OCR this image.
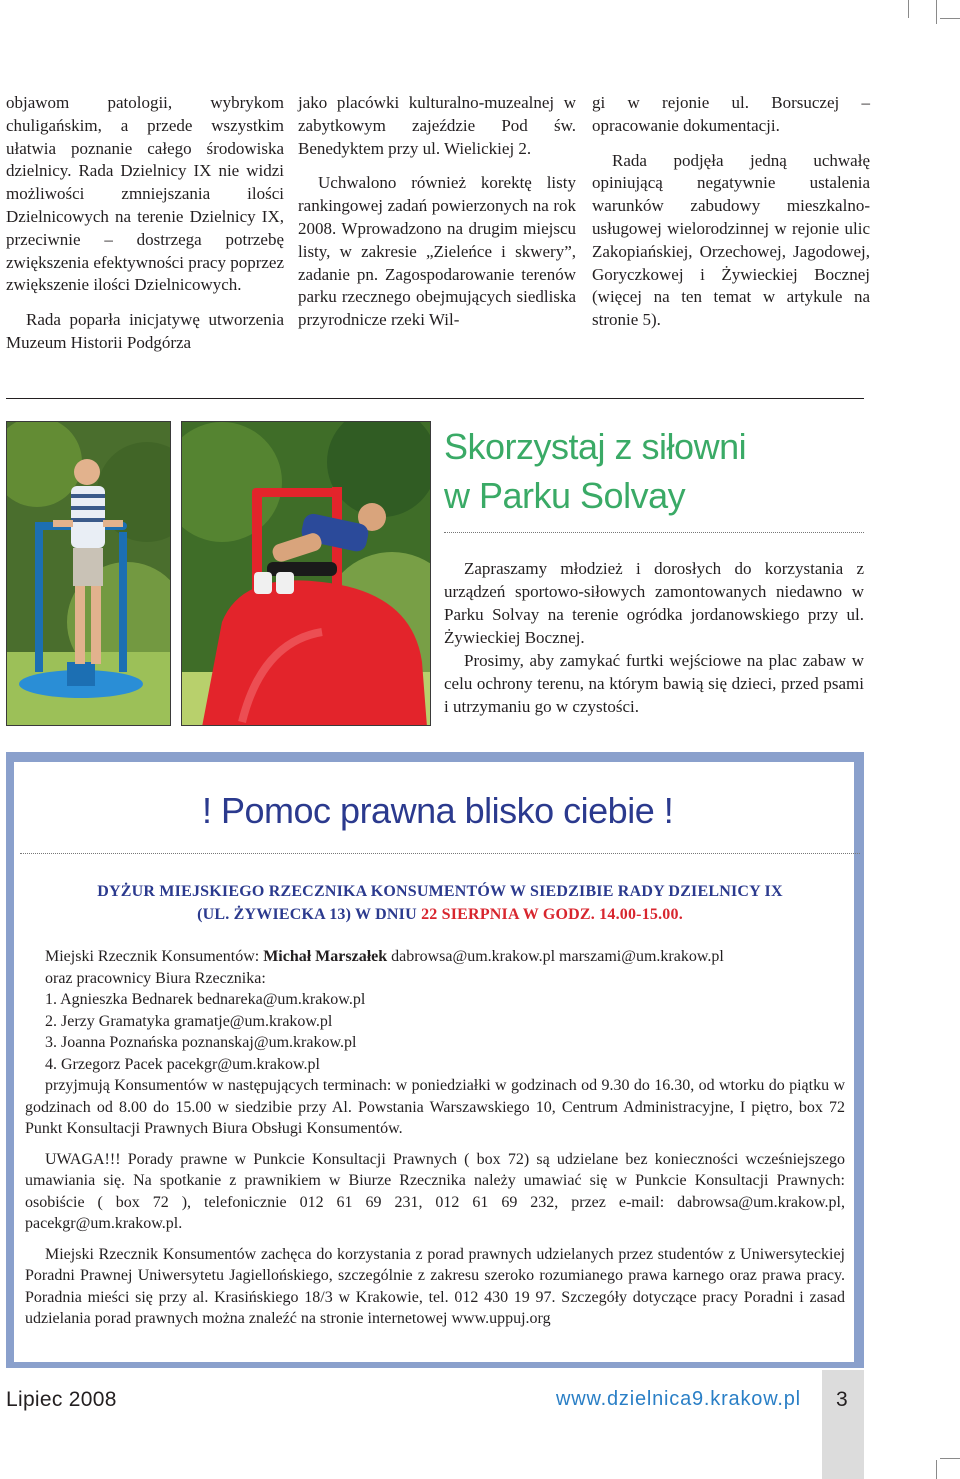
objawom patologii, wybrykom chuligańskim, a przede wszystkim ułatwia poznanie całego środowiska dzielnicy. Rada Dzielnicy IX nie widzi możliwości zmniejszania ilości Dzielnicowych na terenie Dzielnicy IX, przeciwnie – dostrzega potrzebę zwiększenia efektywności pracy poprzez zwiększenie ilości Dzielnicowych.

Rada poparła inicjatywę utworzenia Muzeum Historii Podgórza

jako placówki kulturalno-muzealnej w zabytkowym zajeździe Pod św. Benedyktem przy ul. Wielickiej 2.

Uchwalono również korektę listy rankingowej zadań powierzonych na rok 2008. Wprowadzono na drugim miejscu listy, w zakresie „Zieleńce i skwery”, zadanie pn. Zagospodarowanie terenów parku rzecznego obejmujących siedliska przyrodnicze rzeki Wil-

gi w rejonie ul. Borsuczej – opracowanie dokumentacji.

Rada podjęła jedną uchwałę opiniującą negatywnie ustalenia warunków zabudowy mieszkalno-usługowej wielorodzinnej w rejonie ulic Zakopiańskiej, Orzechowej, Jagodowej, Goryczkowej i Żywieckiej Bocznej (więcej na ten temat w artykule na stronie 5).

Skorzystaj z siłowni
w Parku Solvay

Zapraszamy młodzież i dorosłych do korzystania z urządzeń sportowo-siłowych zamontowanych niedawno w Parku Solvay na terenie ogródka jordanowskiego przy ul. Żywieckiej Bocznej.

Prosimy, aby zamykać furtki wejściowe na plac zabaw w celu ochrony terenu, na którym bawią się dzieci, przed psami i utrzymaniu go w czystości.

! Pomoc prawna blisko ciebie !
DYŻUR MIEJSKIEGO RZECZNIKA KONSUMENTÓW W SIEDZIBIE RADY DZIELNICY IX
(UL. ŻYWIECKA 13) W DNIU 22 SIERPNIA W GODZ. 14.00-15.00.

Miejski Rzecznik Konsumentów: Michał Marszałek dabrowsa@um.krakow.pl marszami@um.krakow.pl

oraz pracownicy Biura Rzecznika:

1. Agnieszka Bednarek bednareka@um.krakow.pl

2. Jerzy Gramatyka gramatje@um.krakow.pl

3. Joanna Poznańska poznanskaj@um.krakow.pl

4. Grzegorz Pacek pacekgr@um.krakow.pl

przyjmują Konsumentów w następujących terminach: w poniedziałki w godzinach od 9.30 do 16.30, od wtorku do piątku w godzinach od 8.00 do 15.00 w siedzibie przy Al. Powstania Warszawskiego 10, Centrum Administracyjne, I piętro, box 72 Punkt Konsultacji Prawnych Biura Obsługi Konsumentów.

UWAGA!!! Porady prawne w Punkcie Konsultacji Prawnych ( box 72) są udzielane bez konieczności wcześniejszego umawiania się. Na spotkanie z prawnikiem w Biurze Rzecznika należy umawiać się w Punkcie Konsultacji Prawnych: osobiście ( box 72 ), telefonicznie 012 61 69 231, 012 61 69 232, przez e-mail: dabrowsa@um.krakow.pl, pacekgr@um.krakow.pl.

Miejski Rzecznik Konsumentów zachęca do korzystania z porad prawnych udzielanych przez studentów z Uniwersyteckiej Poradni Prawnej Uniwersytetu Jagiellońskiego, szczególnie z zakresu szeroko rozumianego prawa karnego oraz prawa pracy. Poradnia mieści się przy al. Krasińskiego 18/3 w Krakowie, tel. 012 430 19 97. Szczegóły dotyczące pracy Poradni i zasad udzielania porad prawnych można znaleźć na stronie internetowej www.uppuj.org

Lipiec 2008	www.dzielnica9.krakow.pl 3
